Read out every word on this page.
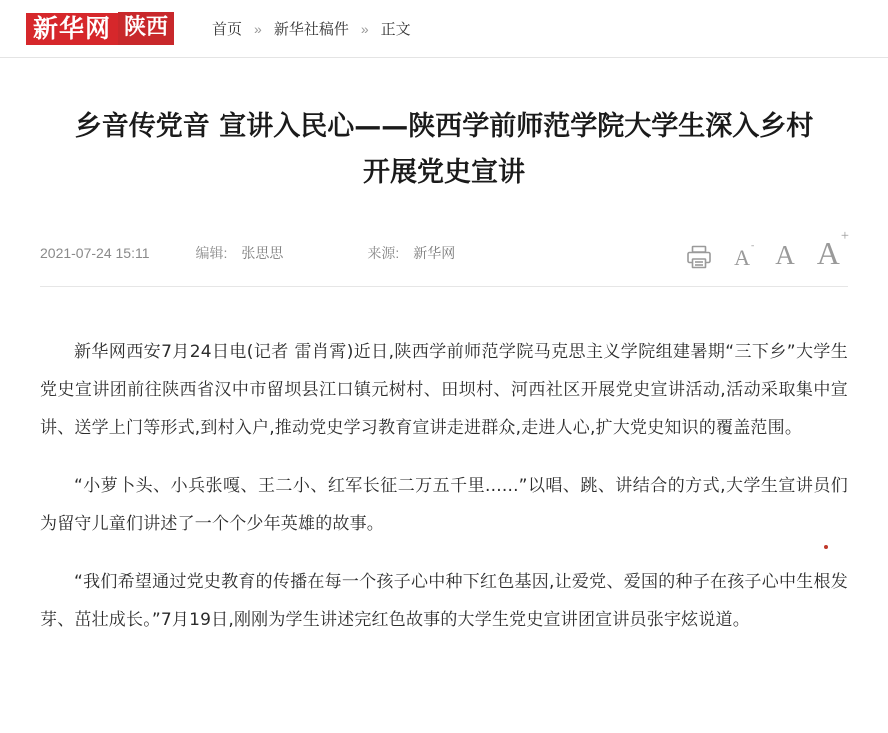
新华网 陕西	首页 » 新华社稿件 » 正文
乡音传党音 宣讲入民心——陕西学前师范学院大学生深入乡村开展党史宣讲
2021-07-24 15:11	编辑: 张思思	来源: 新华网	A- A A+

新华网西安7月24日电(记者 雷肖霄)近日,陕西学前师范学院马克思主义学院组建暑期“三下乡”大学生党史宣讲团前往陕西省汉中市留坝县江口镇元树村、田坝村、河西社区开展党史宣讲活动,活动采取集中宣讲、送学上门等形式,到村入户,推动党史学习教育宣讲走进群众,走进人心,扩大党史知识的覆盖范围。

“小萝卜头、小兵张嘎、王二小、红军长征二万五千里......”以唱、跳、讲结合的方式,大学生宣讲员们为留守儿童们讲述了一个个少年英雄的故事。

“我们希望通过党史教育的传播在每一个孩子心中种下红色基因,让爱党、爱国的种子在孩子心中生根发芽、茁壮成长。”7月19日,刚刚为学生讲述完红色故事的大学生党史宣讲团宣讲员张宇炫说道。
